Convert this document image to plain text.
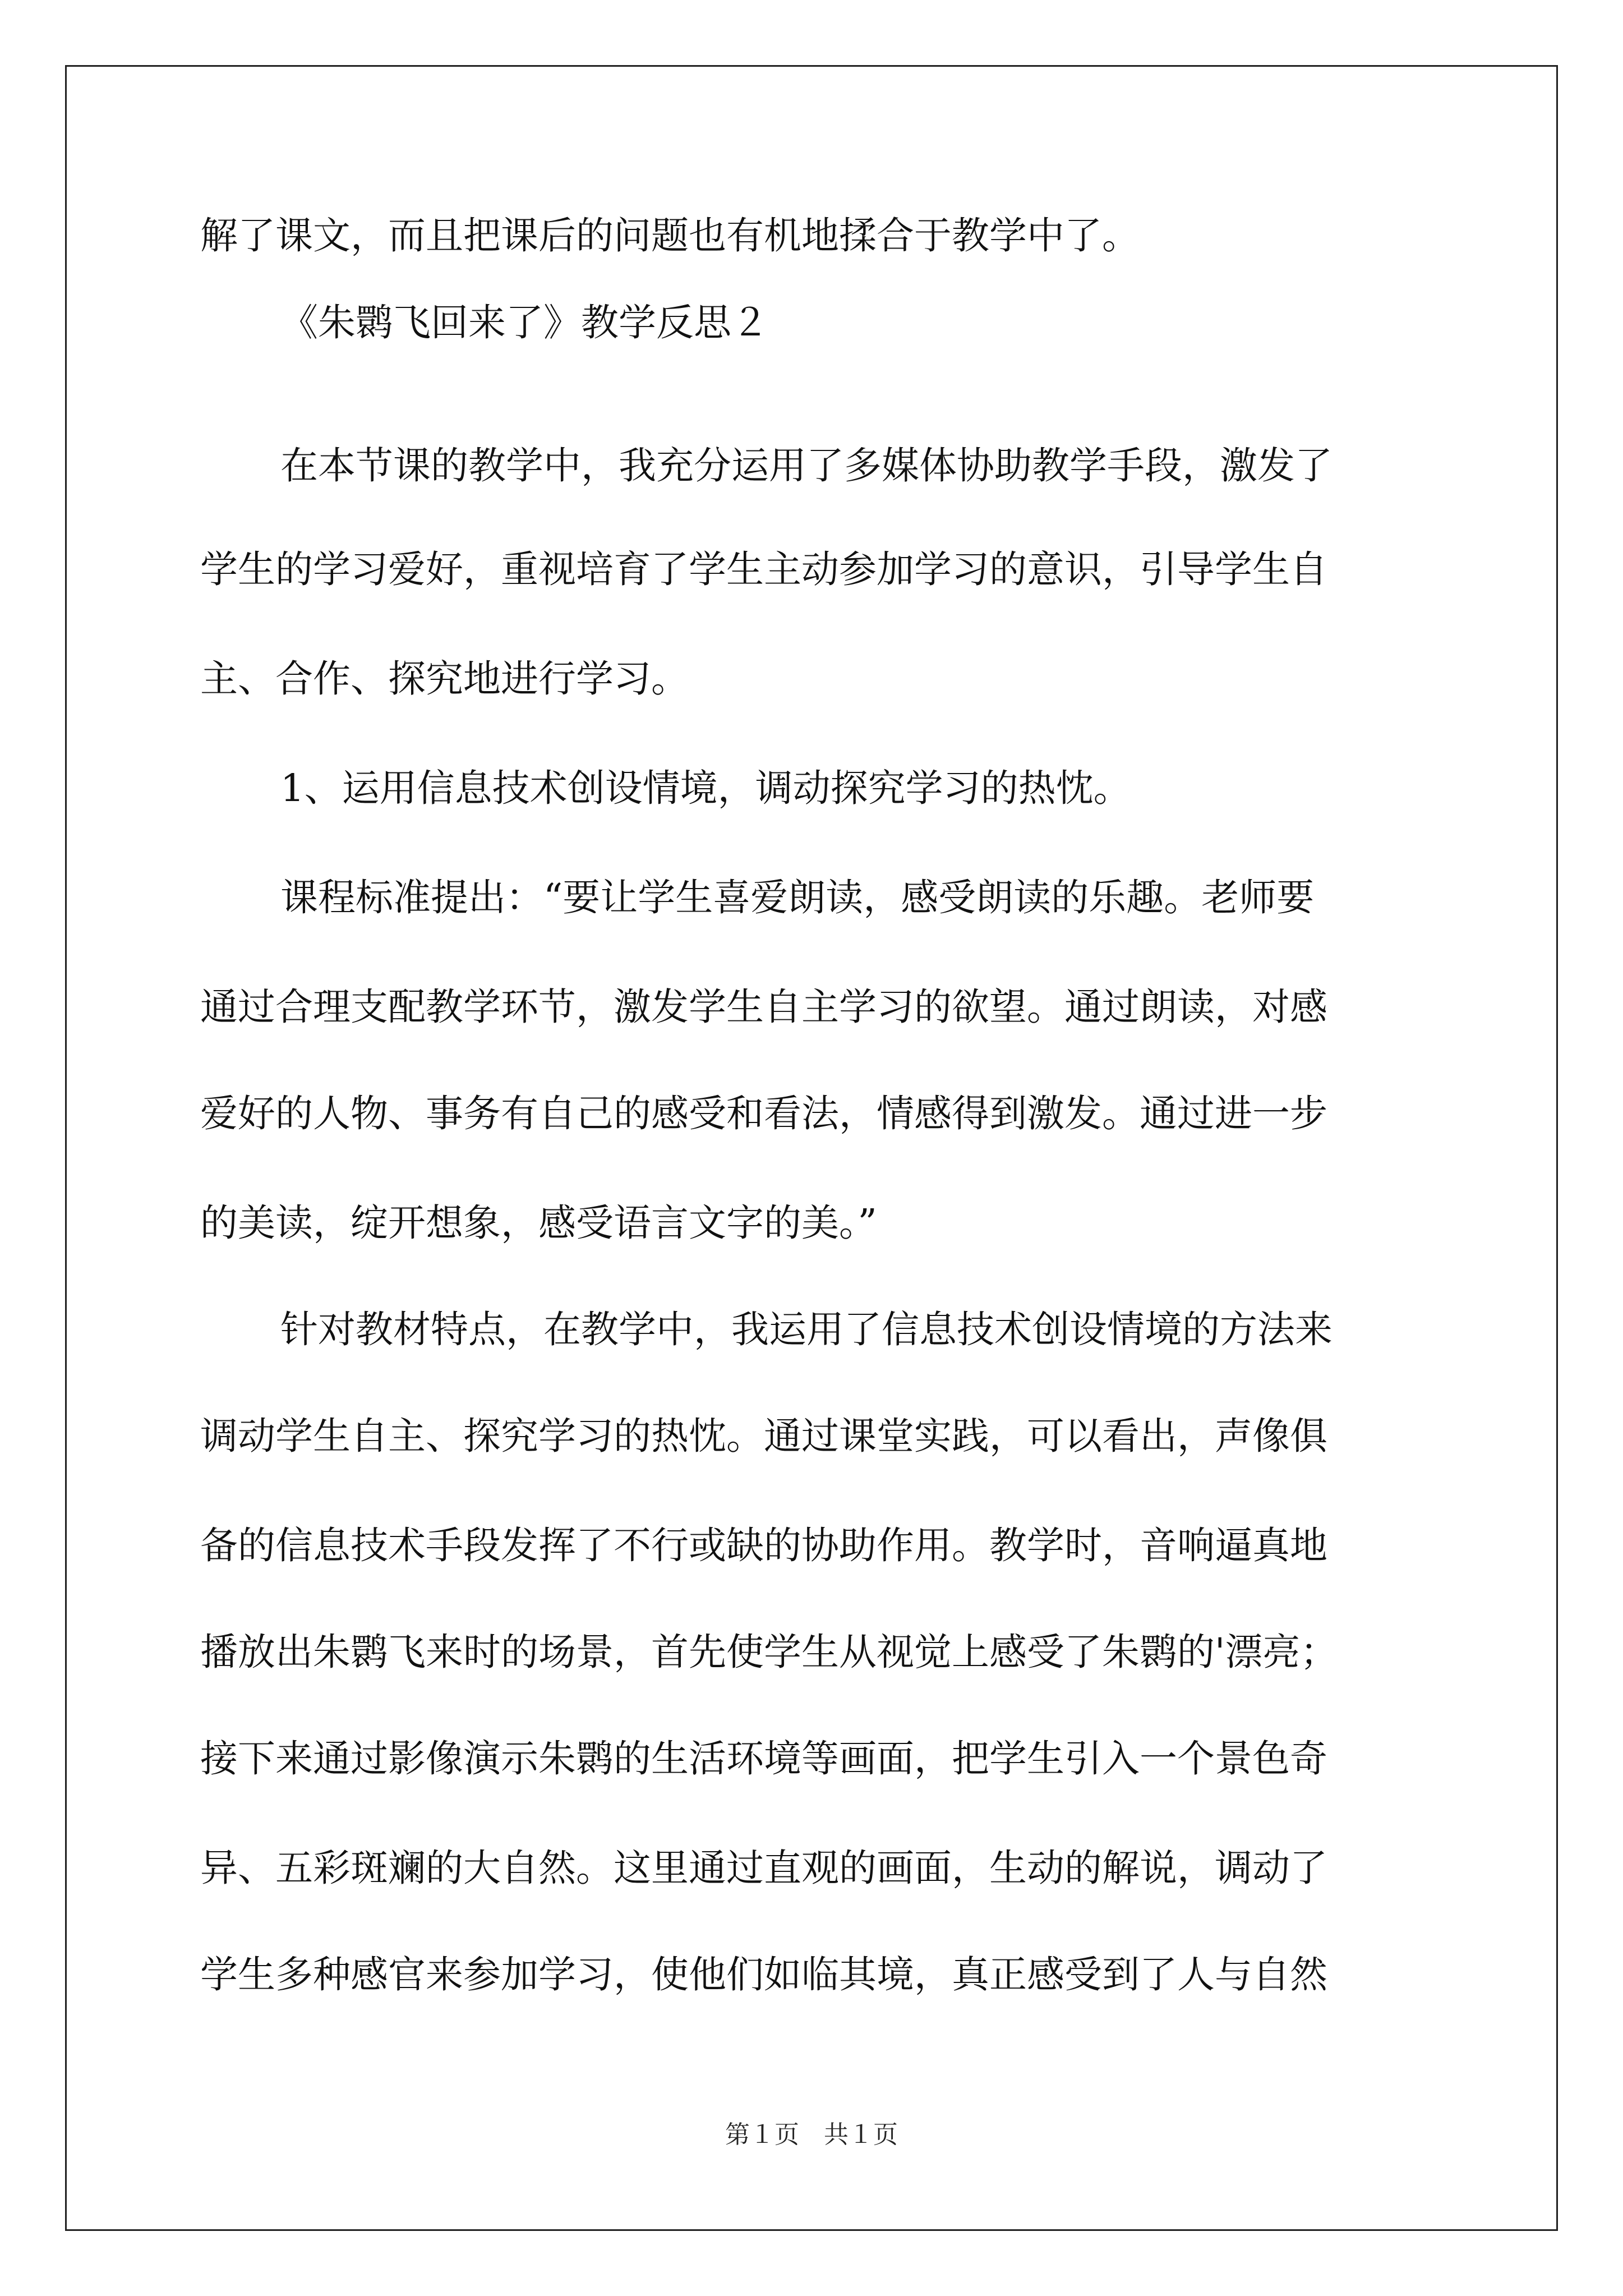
解了课文，而且把课后的问题也有机地揉合于教学中了。
《朱鹮飞回来了》教学反思２
在本节课的教学中，我充分运用了多媒体协助教学手段，激发了
学生的学习爱好，重视培育了学生主动参加学习的意识，引导学生自
主、合作、探究地进行学习。
1、运用信息技术创设情境，调动探究学习的热忱。
课程标准提出：“要让学生喜爱朗读，感受朗读的乐趣。老师要
通过合理支配教学环节，激发学生自主学习的欲望。通过朗读，对感
爱好的人物、事务有自己的感受和看法，情感得到激发。通过进一步
的美读，绽开想象，感受语言文字的美。”
针对教材特点，在教学中，我运用了信息技术创设情境的方法来
调动学生自主、探究学习的热忱。通过课堂实践，可以看出，声像俱
备的信息技术手段发挥了不行或缺的协助作用。教学时，音响逼真地
播放出朱鹮飞来时的场景，首先使学生从视觉上感受了朱鹮的'漂亮；
接下来通过影像演示朱鹮的生活环境等画面，把学生引入一个景色奇
异、五彩斑斓的大自然。这里通过直观的画面，生动的解说，调动了
学生多种感官来参加学习，使他们如临其境，真正感受到了人与自然
第１页　共１页
